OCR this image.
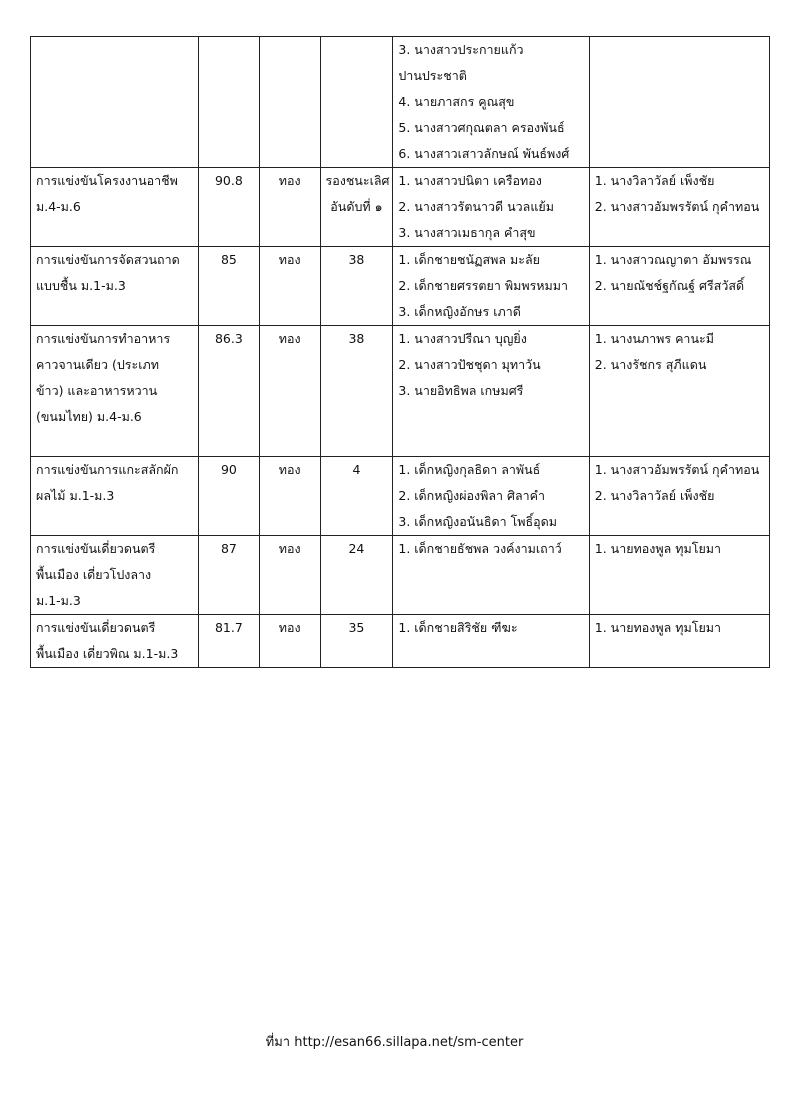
				3. นางสาวประกายแก้ว
ปานประชาติ
4. นายภาสกร คูณสุข
5. นางสาวศกุณตลา ครองพันธ์
6. นางสาวเสาวลักษณ์ พันธ์พงศ์	

การแข่งขันโครงงานอาชีพ
ม.4-ม.6	90.8	ทอง	รองชนะเลิศ
อันดับที่ ๑	1. นางสาวปนิตา เครือทอง
2. นางสาวรัตนาวดี นวลแย้ม
3. นางสาวเมธากุล คำสุข	1. นางวิลาวัลย์ เพ็งชัย
2. นางสาวอัมพรรัตน์ กุคำทอน

การแข่งขันการจัดสวนถาด
แบบชื้น ม.1-ม.3	85	ทอง	38	1. เด็กชายชนัฏสพล มะลัย
2. เด็กชายศรรตยา พิมพรหมมา
3. เด็กหญิงอักษร เภาดี	1. นางสาวณญาตา อัมพรรณ
2. นายณัชช์ฐกัณฐ์ ศรีสวัสดิ์

การแข่งขันการทำอาหาร
คาวจานเดียว (ประเภท
ข้าว) และอาหารหวาน
(ขนมไทย) ม.4-ม.6	86.3	ทอง	38	1. นางสาวปรีณา บุญยิ่ง
2. นางสาวปัชชุดา มุทาวัน
3. นายอิทธิพล เกษมศรี	1. นางนภาพร คานะมี
2. นางรัชกร สุภีแดน

การแข่งขันการแกะสลักผัก
ผลไม้ ม.1-ม.3	90	ทอง	4	1. เด็กหญิงกุลธิดา ลาพันธ์
2. เด็กหญิงผ่องพิลา ศิลาคำ
3. เด็กหญิงอนันธิดา โพธิ์อุดม	1. นางสาวอัมพรรัตน์ กุคำทอน
2. นางวิลาวัลย์ เพ็งชัย

การแข่งขันเดี่ยวดนตรี
พื้นเมือง เดี่ยวโปงลาง
ม.1-ม.3	87	ทอง	24	1. เด็กชายธัชพล วงค์งามเถาว์	1. นายทองพูล ทุมโยมา

การแข่งขันเดี่ยวดนตรี
พื้นเมือง เดี่ยวพิณ ม.1-ม.3	81.7	ทอง	35	1. เด็กชายสิริชัย ฑีฆะ	1. นายทองพูล ทุมโยมา

ที่มา http://esan66.sillapa.net/sm-center
